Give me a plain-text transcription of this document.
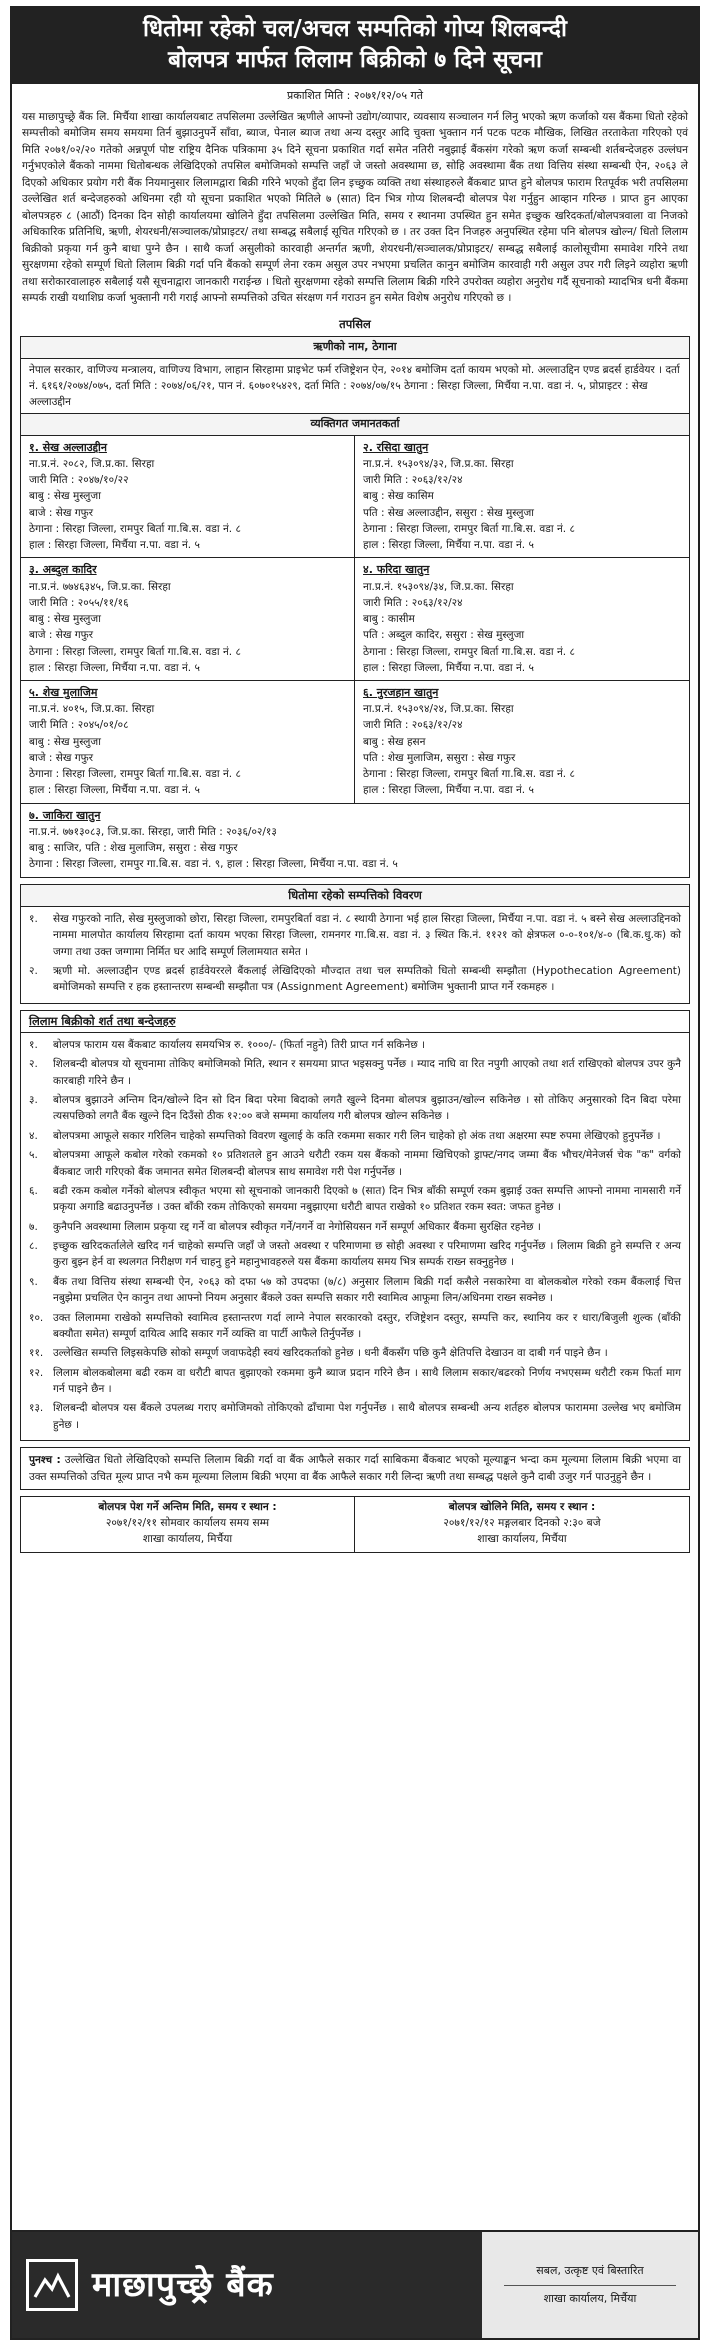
धितोमा रहेको चल/अचल सम्पतिको गोप्य शिलबन्दी
बोलपत्र मार्फत लिलाम बिक्रीको ७ दिने सूचना
प्रकाशित मिति : २०७१/१२/०५ गते
यस माछापुच्छ्रे बैंक लि. मिर्चैया शाखा कार्यालयबाट तपसिलमा उल्लेखित ऋणीले आफ्नो उद्योग/व्यापार, व्यवसाय सञ्चालन गर्न लिनु भएको ऋण कर्जाको यस बैंकमा धितो रहेको सम्पत्तीको बमोजिम समय समयमा तिर्न बुझाउनुपर्ने साँवा, ब्याज, पेनाल ब्याज तथा अन्य दस्तुर आदि चुक्ता भुक्तान गर्न पटक पटक मौखिक, लिखित तरताकेता गरिएको एवं मिति २०७१/०२/२० गतेको अन्नपूर्ण पोष्ट राष्ट्रिय दैनिक पत्रिकामा ३५ दिने सूचना प्रकाशित गर्दा समेत नतिरी नबुझाई बैंकसंग गरेको ऋण कर्जा सम्बन्धी शर्तबन्देजहरु उल्लंघन गर्नुभएकोले बैंकको नाममा धितोबन्धक लेखिदिएको तपसिल बमोजिमको सम्पत्ति जहाँ जे जस्तो अवस्थामा छ, सोहि अवस्थामा बैंक तथा वित्तिय संस्था सम्बन्धी ऐन, २०६३ ले दिएको अधिकार प्रयोग गरी बैंक नियमानुसार लिलामद्वारा बिक्री गरिने भएको हुँदा लिन इच्छुक व्यक्ति तथा संस्थाहरुले बैंकबाट प्राप्त हुने बोलपत्र फाराम रितपूर्वक भरी तपसिलमा उल्लेखित शर्त बन्देजहरुको अधिनमा रही यो सूचना प्रकाशित भएको मितिले ७ (सात) दिन भित्र गोप्य शिलबन्दी बोलपत्र पेश गर्नुहुन आव्हान गरिन्छ । प्राप्त हुन आएका बोलपत्रहरु ८ (आठौं) दिनका दिन सोही कार्यालयमा खोलिने हुँदा तपसिलमा उल्लेखित मिति, समय र स्थानमा उपस्थित हुन समेत इच्छुक खरिदकर्ता/बोलपत्रवाला वा निजको अधिकारिक प्रतिनिधि, ऋणी, शेयरधनी/सञ्चालक/प्रोप्राइटर/ तथा सम्बद्ध सबैलाई सूचित गरिएको छ । तर उक्त दिन निजहरु अनुपस्थित रहेमा पनि बोलपत्र खोल्न/ धितो लिलाम बिक्रीको प्रकृया गर्न कुनै बाधा पुग्ने छैन । साथै कर्जा असुलीको कारवाही अन्तर्गत ऋणी, शेयरधनी/सञ्चालक/प्रोप्राइटर/ सम्बद्ध सबैलाई कालोसूचीमा समावेश गरिने तथा सुरक्षणमा रहेको सम्पूर्ण धितो लिलाम बिक्री गर्दा पनि बैंकको सम्पूर्ण लेना रकम असुल उपर नभएमा प्रचलित कानुन बमोजिम कारवाही गरी असुल उपर गरी लिइने व्यहोरा ऋणी तथा सरोकारवालाहरु सबैलाई यसै सूचनाद्वारा जानकारी गराईन्छ । धितो सुरक्षणमा रहेको सम्पत्ति लिलाम बिक्री गरिने उपरोक्त व्यहोरा अनुरोध गर्दै सूचनाको म्यादभित्र धनी बैंकमा सम्पर्क राखी यथाशिघ्र कर्जा भुक्तानी गरी गराई आफ्नो सम्पत्तिको उचित संरक्षण गर्न गराउन हुन समेत विशेष अनुरोध गरिएको छ ।
तपसिल
ऋणीको नाम, ठेगाना
नेपाल सरकार, वाणिज्य मन्त्रालय, वाणिज्य विभाग, लाहान सिरहामा प्राइभेट फर्म रजिष्ट्रेशन ऐन, २०१४ बमोजिम दर्ता कायम भएको मो. अल्लाउद्दिन एण्ड ब्रदर्स हार्डवेयर । दर्ता नं. ६१६१/२०७४/०७५, दर्ता मिति : २०७४/०६/२१, पान नं. ६०७०१५४२९, दर्ता मिति : २०७४/०७/१५ ठेगाना : सिरहा जिल्ला, मिर्चैया न.पा. वडा नं. ५, प्रोप्राइटर : सेख अल्लाउद्दीन
व्यक्तिगत जमानतकर्ता
१. सेख अल्लाउद्दीन
ना.प्र.नं. २०८२, जि.प्र.का. सिरहा
जारी मिति : २०४७/१०/२२
बाबु : सेख मुस्लुजा
बाजे : सेख गफुर
ठेगाना : सिरहा जिल्ला, रामपुर बिर्ता गा.बि.स. वडा नं. ८
हाल : सिरहा जिल्ला, मिर्चैया न.पा. वडा नं. ५
२. रसिदा खातुन
ना.प्र.नं. १५३०९४/३२, जि.प्र.का. सिरहा
जारी मिति : २०६३/१२/२४
बाबु : सेख कासिम
पति : सेख अल्लाउद्दीन, ससुरा : सेख मुस्लुजा
ठेगाना : सिरहा जिल्ला, रामपुर बिर्ता गा.बि.स. वडा नं. ८
हाल : सिरहा जिल्ला, मिर्चैया न.पा. वडा नं. ५
३. अब्दुल कादिर
ना.प्र.नं. ७७४६३४५, जि.प्र.का. सिरहा
जारी मिति : २०५५/११/१६
बाबु : सेख मुस्लुजा
बाजे : सेख गफुर
ठेगाना : सिरहा जिल्ला, रामपुर बिर्ता गा.बि.स. वडा नं. ८
हाल : सिरहा जिल्ला, मिर्चैया न.पा. वडा नं. ५
४. फरिदा खातुन
ना.प्र.नं. १५३०९४/३४, जि.प्र.का. सिरहा
जारी मिति : २०६३/१२/२४
बाबु : कासीम
पति : अब्दुल कादिर, ससुरा : सेख मुस्लुजा
ठेगाना : सिरहा जिल्ला, रामपुर बिर्ता गा.बि.स. वडा नं. ८
हाल : सिरहा जिल्ला, मिर्चैया न.पा. वडा नं. ५
५. शेख मुलाजिम
ना.प्र.नं. ४०१५, जि.प्र.का. सिरहा
जारी मिति : २०४५/०१/०८
बाबु : सेख मुस्लुजा
बाजे : सेख गफुर
ठेगाना : सिरहा जिल्ला, रामपुर बिर्ता गा.बि.स. वडा नं. ८
हाल : सिरहा जिल्ला, मिर्चैया न.पा. वडा नं. ५
६. नुरजहान खातुन
ना.प्र.नं. १५३०९४/२४, जि.प्र.का. सिरहा
जारी मिति : २०६३/१२/२४
बाबु : सेख हसन
पति : शेख मुलाजिम, ससुरा : सेख गफुर
ठेगाना : सिरहा जिल्ला, रामपुर बिर्ता गा.बि.स. वडा नं. ८
हाल : सिरहा जिल्ला, मिर्चैया न.पा. वडा नं. ५
७. जाकिरा खातुन
ना.प्र.नं. ७७१३०८३, जि.प्र.का. सिरहा, जारी मिति : २०३६/०२/१३
बाबु : साजिर, पति : शेख मुलाजिम, ससुरा : सेख गफुर
ठेगाना : सिरहा जिल्ला, रामपुर गा.बि.स. वडा नं. ९, हाल : सिरहा जिल्ला, मिर्चैया न.पा. वडा नं. ५
धितोमा रहेको सम्पत्तिको विवरण
१.	सेख गफुरको नाति, सेख मुस्लुजाको छोरा, सिरहा जिल्ला, रामपुरबिर्ता वडा नं. ८ स्थायी ठेगाना भई हाल सिरहा जिल्ला, मिर्चैया न.पा. वडा नं. ५ बस्ने सेख अल्लाउद्दिनको नाममा मालपोत कार्यालय सिरहामा दर्ता कायम भएका सिरहा जिल्ला, रामनगर गा.बि.स. वडा नं. ३ स्थित कि.नं. ११२१ को क्षेत्रफल ०-०-१०१/४-० (बि.क.धु.क) को जग्गा तथा उक्त जग्गामा निर्मित घर आदि सम्पूर्ण लिलामयात समेत ।
२.	ऋणी मो. अल्लाउद्दीन एण्ड ब्रदर्स हार्डवेयररले बैंकलाई लेखिदिएको मौज्दात तथा चल सम्पतिको धितो सम्बन्धी सम्झौता (Hypothecation Agreement) बमोजिमको सम्पत्ति र हक हस्तान्तरण सम्बन्धी सम्झौता पत्र (Assignment Agreement) बमोजिम भुक्तानी प्राप्त गर्ने रकमहरु ।
लिलाम बिक्रीको शर्त तथा बन्देजहरु
१.	बोलपत्र फाराम यस बैंकबाट कार्यालय समयभित्र रु. १०००/- (फिर्ता नहुने) तिरी प्राप्त गर्न सकिनेछ ।
२.	शिलबन्दी बोलपत्र यो सूचनामा तोकिए बमोजिमको मिति, स्थान र समयमा प्राप्त भइसक्नु पर्नेछ । म्याद नाघि वा रित नपुगी आएको तथा शर्त राखिएको बोलपत्र उपर कुनै कारबाही गरिने छैन ।
३.	बोलपत्र बुझाउने अन्तिम दिन/खोल्ने दिन सो दिन बिदा परेमा बिदाको लगतै खुल्ने दिनमा बोलपत्र बुझाउन/खोल्न सकिनेछ । सो तोकिए अनुसारको दिन बिदा परेमा त्यसपछिको लगतै बैंक खुल्ने दिन दिउँसो ठीक १२:०० बजे सम्ममा कार्यालय गरी बोलपत्र खोल्न सकिनेछ ।
४.	बोलपत्रमा आफूले सकार गरिलिन चाहेको सम्पत्तिको विवरण खुलाई के कति रकममा सकार गरी लिन चाहेको हो अंक तथा अक्षरमा स्पष्ट रुपमा लेखिएको हुनुपर्नेछ ।
५.	बोलपत्रमा आफूले कबोल गरेको रकमको १० प्रतिशतले हुन आउने धरौटी रकम यस बैंकको नाममा खिचिएको ड्राफ्ट/नगद जम्मा बैंक भौचर/मेनेजर्स चेक "क" वर्गको बैंकबाट जारी गरिएको बैंक जमानत समेत शिलबन्दी बोलपत्र साथ समावेश गरी पेश गर्नुपर्नेछ ।
६.	बढी रकम कबोल गर्नेको बोलपत्र स्वीकृत भएमा सो सूचनाको जानकारी दिएको ७ (सात) दिन भित्र बाँकी सम्पूर्ण रकम बुझाई उक्त सम्पत्ति आफ्नो नाममा नामसारी गर्ने प्रकृया अगाडि बढाउनुपर्नेछ । उक्त बाँकी रकम तोकिएको समयमा नबुझाएमा धरौटी बापत राखेको १० प्रतिशत रकम स्वत: जफत हुनेछ ।
७.	कुनैपनि अवस्थामा लिलाम प्रकृया रद्द गर्ने वा बोलपत्र स्वीकृत गर्ने/नगर्ने वा नेगोसियसन गर्ने सम्पूर्ण अधिकार बैंकमा सुरक्षित रहनेछ ।
८.	इच्छुक खरिदकर्तालेले खरिद गर्न चाहेको सम्पत्ति जहाँ जे जस्तो अवस्था र परिमाणमा छ सोही अवस्था र परिमाणमा खरिद गर्नुपर्नेछ । लिलाम बिक्री हुने सम्पत्ति र अन्य कुरा बुझ्न हेर्न वा स्थलगत निरीक्षण गर्न चाहनु हुने महानुभावहरुले यस बैंकमा कार्यालय समय भित्र सम्पर्क राख्न सक्नुहुनेछ ।
९.	बैंक तथा वित्तिय संस्था सम्बन्धी ऐन, २०६३ को दफा ५७ को उपदफा (७/८) अनुसार लिलाम बिक्री गर्दा कसैले नसकारेमा वा बोलकबोल गरेको रकम बैंकलाई चित्त नबुझेमा प्रचलित ऐन कानुन तथा आफ्नो नियम अनुसार बैंकले उक्त सम्पत्ति सकार गरी स्वामित्व आफूमा लिन/अधिनमा राख्न सक्नेछ ।
१०. उक्त लिलाममा राखेको सम्पत्तिको स्वामित्व हस्तान्तरण गर्दा लाग्ने नेपाल सरकारको दस्तुर, रजिष्ट्रेशन दस्तुर, सम्पत्ति कर, स्थानिय कर र धारा/बिजुली शुल्क (बाँकी बक्यौता समेत) सम्पूर्ण दायित्व आदि सकार गर्ने व्यक्ति वा पार्टी आफैले तिर्नुपर्नेछ ।
११. उल्लेखित सम्पत्ति लिइसकेपछि सोको सम्पूर्ण जवाफदेही स्वयं खरिदकर्ताको हुनेछ । धनी बैंकसँग पछि कुनै क्षेतिपत्ति देखाउन वा दाबी गर्न पाइने छैन ।
१२. लिलाम बोलकबोलमा बढी रकम वा धरौटी बापत बुझाएको रकममा कुनै ब्याज प्रदान गरिने छैन । साथै लिलाम सकार/बढरको निर्णय नभएसम्म धरौटी रकम फिर्ता माग गर्न पाइने छैन ।
१३. शिलबन्दी बोलपत्र यस बैंकले उपलब्ध गराए बमोजिमको तोकिएको ढाँचामा पेश गर्नुपर्नेछ । साथै बोलपत्र सम्बन्धी अन्य शर्तहरु बोलपत्र फाराममा उल्लेख भए बमोजिम हुनेछ ।
पुनश्च : उल्लेखित धितो लेखिदिएको सम्पत्ति लिलाम बिक्री गर्दा वा बैंक आफैले सकार गर्दा साबिकमा बैंकबाट भएको मूल्याङ्कन भन्दा कम मूल्यमा लिलाम बिक्री भएमा वा उक्त सम्पत्तिको उचित मूल्य प्राप्त नभै कम मूल्यमा लिलाम बिक्री भएमा वा बैंक आफैले सकार गरी लिन्दा ऋणी तथा सम्बद्ध पक्षले कुनै दाबी उजुर गर्न पाउनुहुने छैन ।
बोलपत्र पेश गर्ने अन्तिम मिति, समय र स्थान :
२०७१/१२/११ सोमवार कार्यालय समय सम्म
शाखा कार्यालय, मिर्चैया
बोलपत्र खोलिने मिति, समय र स्थान :
२०७१/१२/१२ मङ्गलबार दिनको २:३० बजे
शाखा कार्यालय, मिर्चैया
माछापुच्छ्रे बैंक	सबल, उत्कृष्ट एवं बिस्तारित
शाखा कार्यालय, मिर्चैया
